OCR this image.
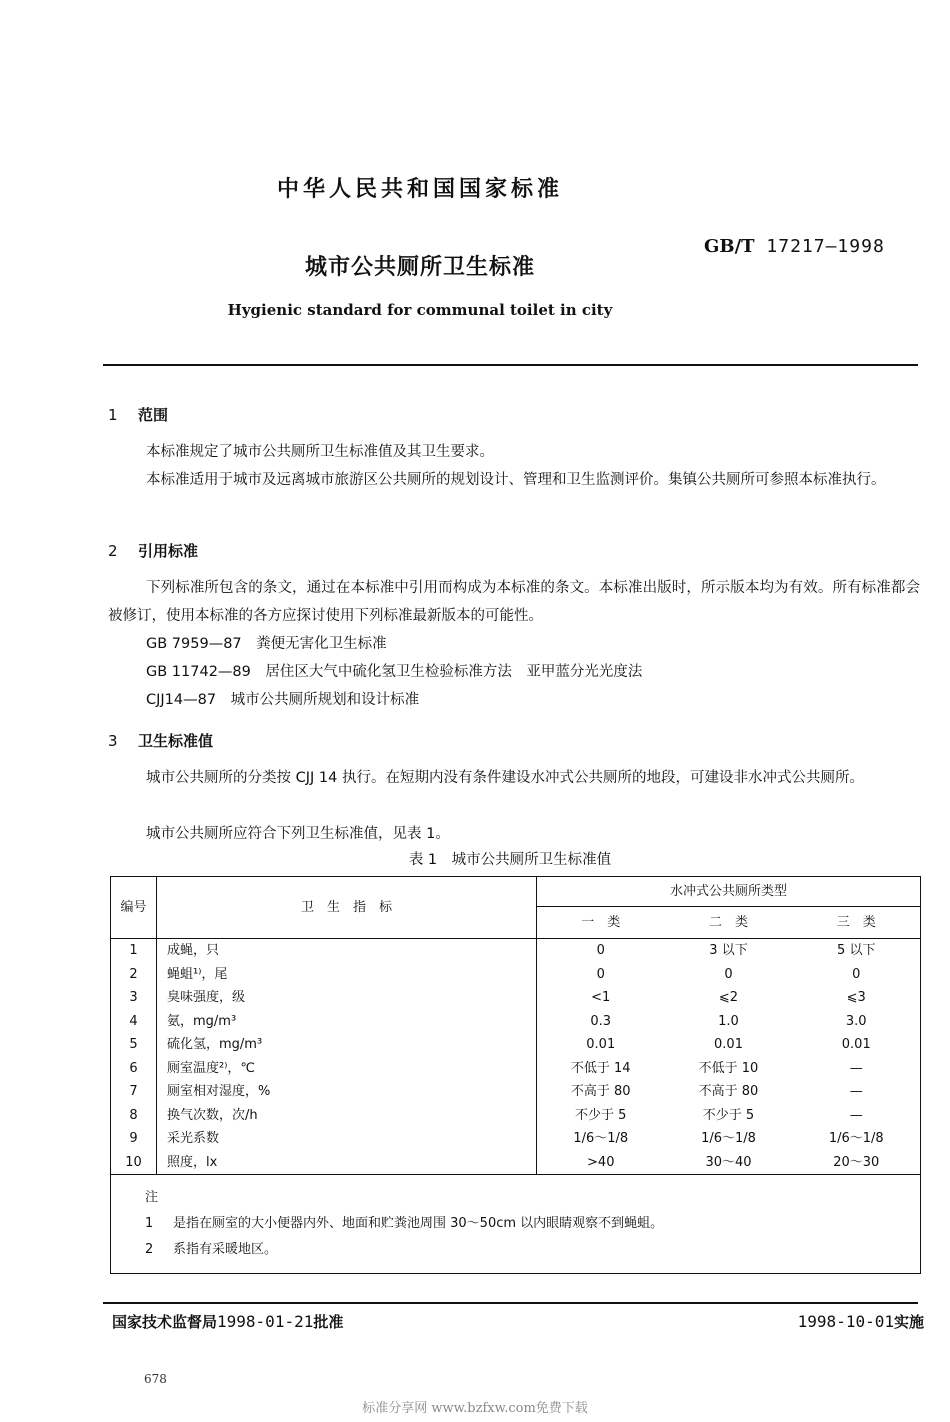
中华人民共和国国家标准
GB/T 17217—1998
城市公共厕所卫生标准
Hygienic standard for communal toilet in city
1 范围
本标准规定了城市公共厕所卫生标准值及其卫生要求。
本标准适用于城市及远离城市旅游区公共厕所的规划设计、管理和卫生监测评价。集镇公共厕所可参照本标准执行。
2 引用标准
下列标准所包含的条文，通过在本标准中引用而构成为本标准的条文。本标准出版时，所示版本均为有效。所有标准都会被修订，使用本标准的各方应探讨使用下列标准最新版本的可能性。
GB 7959—87　 粪便无害化卫生标准
GB 11742—89　 居住区大气中硫化氢卫生检验标准方法　亚甲蓝分光光度法
CJJ14—87　 城市公共厕所规划和设计标准
3 卫生标准值
城市公共厕所的分类按 CJJ 14 执行。在短期内没有条件建设水冲式公共厕所的地段，可建设非水冲式公共厕所。
城市公共厕所应符合下列卫生标准值，见表 1。
表 1　城市公共厕所卫生标准值
编号	卫　生　指　标	水冲式公共厕所类型		
		一　类	二　类	三　类
1	成蝇，只	0	3 以下	5 以下
2	蝇蛆¹⁾，尾	0	0	0
3	臭味强度，级	<1	⩽2	⩽3
4	氨，mg/m³	0.3	1.0	3.0
5	硫化氢，mg/m³	0.01	0.01	0.01
6	厕室温度²⁾，℃	不低于 14	不低于 10	—
7	厕室相对湿度，%	不高于 80	不高于 80	—
8	换气次数，次/h	不少于 5	不少于 5	—
9	采光系数	1/6～1/8	1/6～1/8	1/6～1/8
10	照度，lx	>40	30～40	20～30

注
1 是指在厕室的大小便器内外、地面和贮粪池周围 30～50cm 以内眼睛观察不到蝇蛆。
2 系指有采暖地区。				
国家技术监督局1998-01-21批准	1998-10-01实施
678
标准分享网 www.bzfxw.com免费下载
